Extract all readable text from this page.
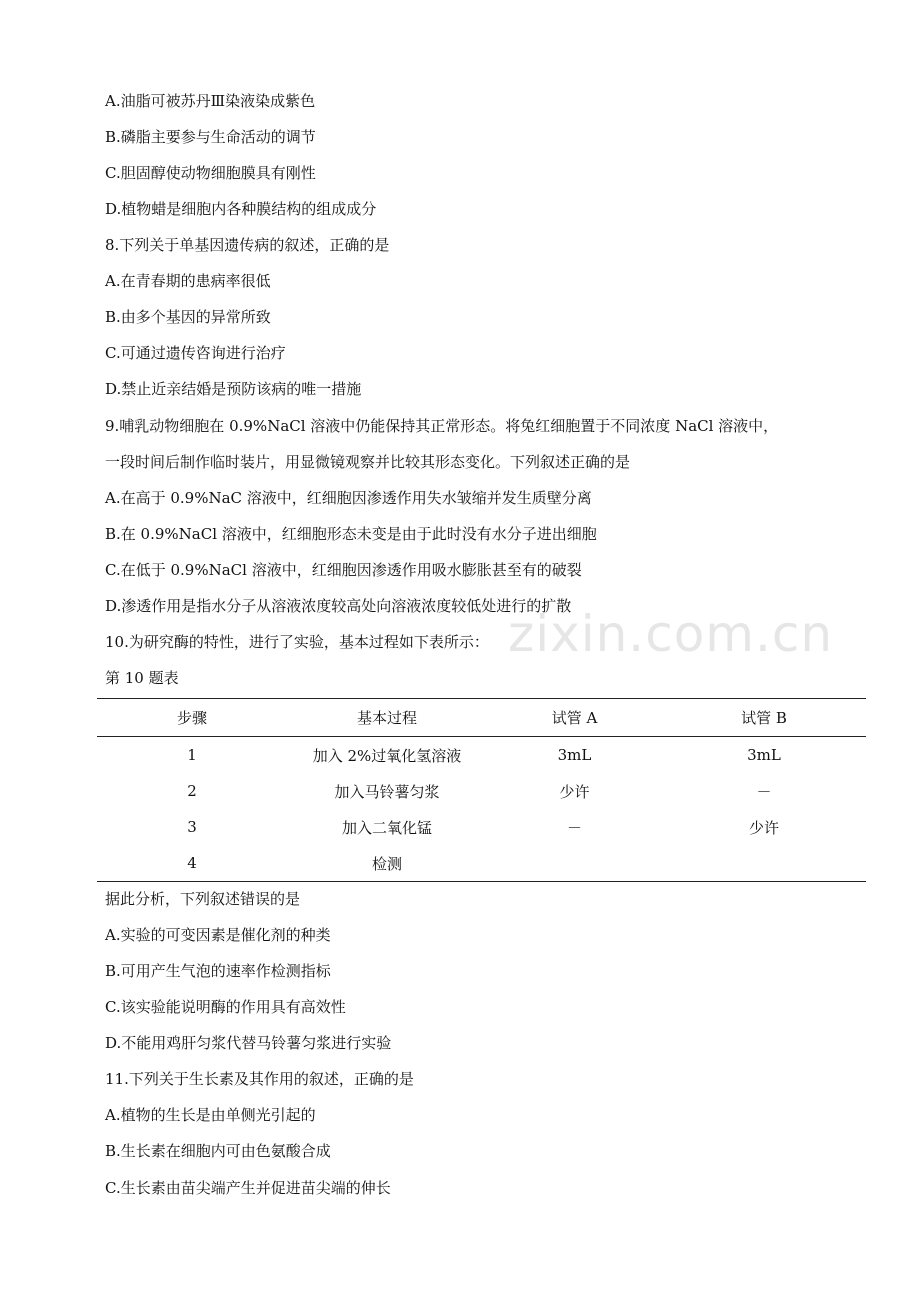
zixin.com.cn
A.油脂可被苏丹Ⅲ染液染成紫色
B.磷脂主要参与生命活动的调节
C.胆固醇使动物细胞膜具有刚性
D.植物蜡是细胞内各种膜结构的组成成分
8.下列关于单基因遗传病的叙述，正确的是
A.在青春期的患病率很低
B.由多个基因的异常所致
C.可通过遗传咨询进行治疗
D.禁止近亲结婚是预防该病的唯一措施
9.哺乳动物细胞在 0.9%NaCl 溶液中仍能保持其正常形态。将兔红细胞置于不同浓度 NaCl 溶液中，
一段时间后制作临时装片，用显微镜观察并比较其形态变化。下列叙述正确的是
A.在高于 0.9%NaC 溶液中，红细胞因渗透作用失水皱缩并发生质壁分离
B.在 0.9%NaCl 溶液中，红细胞形态未变是由于此时没有水分子进出细胞
C.在低于 0.9%NaCl 溶液中，红细胞因渗透作用吸水膨胀甚至有的破裂
D.渗透作用是指水分子从溶液浓度较高处向溶液浓度较低处进行的扩散
10.为研究酶的特性，进行了实验，基本过程如下表所示：
第 10 题表
步骤	基本过程	试管 A	试管 B
1	加入 2%过氧化氢溶液	3mL	3mL
2	加入马铃薯匀浆	少许	－
3	加入二氧化锰	－	少许
4	检测
据此分析，下列叙述错误的是
A.实验的可变因素是催化剂的种类
B.可用产生气泡的速率作检测指标
C.该实验能说明酶的作用具有高效性
D.不能用鸡肝匀浆代替马铃薯匀浆进行实验
11.下列关于生长素及其作用的叙述，正确的是
A.植物的生长是由单侧光引起的
B.生长素在细胞内可由色氨酸合成
C.生长素由苗尖端产生并促进苗尖端的伸长
